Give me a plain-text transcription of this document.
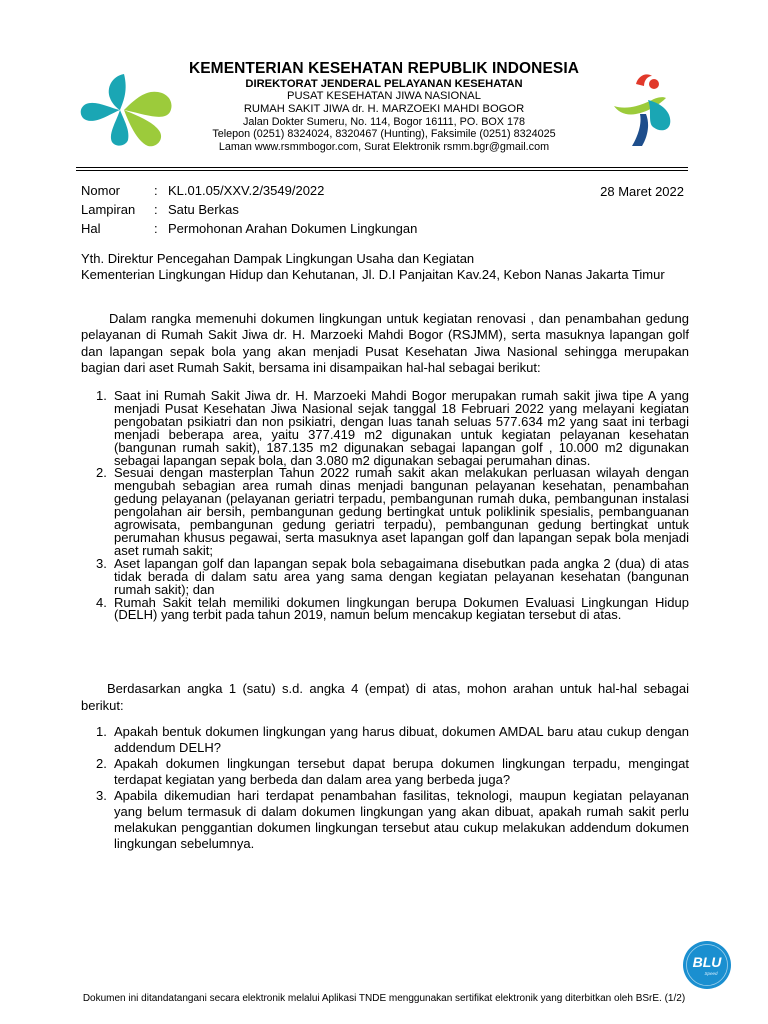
KEMENTERIAN KESEHATAN REPUBLIK INDONESIA
DIREKTORAT JENDERAL PELAYANAN KESEHATAN
PUSAT KESEHATAN JIWA NASIONAL
RUMAH SAKIT JIWA dr. H. MARZOEKI MAHDI BOGOR
Jalan Dokter Sumeru, No. 114, Bogor 16111, PO. BOX 178
Telepon (0251) 8324024, 8320467 (Hunting), Faksimile (0251) 8324025
Laman www.rsmmbogor.com, Surat Elektronik rsmm.bgr@gmail.com
Nomor	: KL.01.05/XXV.2/3549/2022
Lampiran : Satu Berkas
Hal	: Permohonan Arahan Dokumen Lingkungan
28 Maret 2022
Yth. Direktur Pencegahan Dampak Lingkungan Usaha dan Kegiatan
Kementerian Lingkungan Hidup dan Kehutanan, Jl. D.I Panjaitan Kav.24, Kebon Nanas Jakarta Timur
Dalam rangka memenuhi dokumen lingkungan untuk kegiatan renovasi , dan penambahan gedung pelayanan di Rumah Sakit Jiwa dr. H. Marzoeki Mahdi Bogor (RSJMM), serta masuknya lapangan golf dan lapangan sepak bola yang akan menjadi Pusat Kesehatan Jiwa Nasional sehingga merupakan bagian dari aset Rumah Sakit, bersama ini disampaikan hal-hal sebagai berikut:
1. Saat ini Rumah Sakit Jiwa dr. H. Marzoeki Mahdi Bogor merupakan rumah sakit jiwa tipe A yang menjadi Pusat Kesehatan Jiwa Nasional sejak tanggal 18 Februari 2022 yang melayani kegiatan pengobatan psikiatri dan non psikiatri, dengan luas tanah seluas 577.634 m2 yang saat ini terbagi menjadi beberapa area, yaitu 377.419 m2 digunakan untuk kegiatan pelayanan kesehatan (bangunan rumah sakit), 187.135 m2 digunakan sebagai lapangan golf , 10.000 m2 digunakan sebagai lapangan sepak bola, dan 3.080 m2 digunakan sebagai perumahan dinas.
2. Sesuai dengan masterplan Tahun 2022 rumah sakit akan melakukan perluasan wilayah dengan mengubah sebagian area rumah dinas menjadi bangunan pelayanan kesehatan, penambahan gedung pelayanan (pelayanan geriatri terpadu, pembangunan rumah duka, pembangunan instalasi pengolahan air bersih, pembangunan gedung bertingkat untuk poliklinik spesialis, pembanguanan agrowisata, pembangunan gedung geriatri terpadu), pembangunan gedung bertingkat untuk perumahan khusus pegawai, serta masuknya aset lapangan golf dan lapangan sepak bola menjadi aset rumah sakit;
3. Aset lapangan golf dan lapangan sepak bola sebagaimana disebutkan pada angka 2 (dua) di atas tidak berada di dalam satu area yang sama dengan kegiatan pelayanan kesehatan (bangunan rumah sakit); dan
4. Rumah Sakit telah memiliki dokumen lingkungan berupa Dokumen Evaluasi Lingkungan Hidup (DELH) yang terbit pada tahun 2019, namun belum mencakup kegiatan tersebut di atas.
Berdasarkan angka 1 (satu) s.d. angka 4 (empat) di atas, mohon arahan untuk hal-hal sebagai berikut:
1. Apakah bentuk dokumen lingkungan yang harus dibuat, dokumen AMDAL baru atau cukup dengan addendum DELH?
2. Apakah dokumen lingkungan tersebut dapat berupa dokumen lingkungan terpadu, mengingat terdapat kegiatan yang berbeda dan dalam area yang berbeda juga?
3. Apabila dikemudian hari terdapat penambahan fasilitas, teknologi, maupun kegiatan pelayanan yang belum termasuk di dalam dokumen lingkungan yang akan dibuat, apakah rumah sakit perlu melakukan penggantian dokumen lingkungan tersebut atau cukup melakukan addendum dokumen lingkungan sebelumnya.
BLU
Speed
Dokumen ini ditandatangani secara elektronik melalui Aplikasi TNDE menggunakan sertifikat elektronik yang diterbitkan oleh BSrE. (1/2)
